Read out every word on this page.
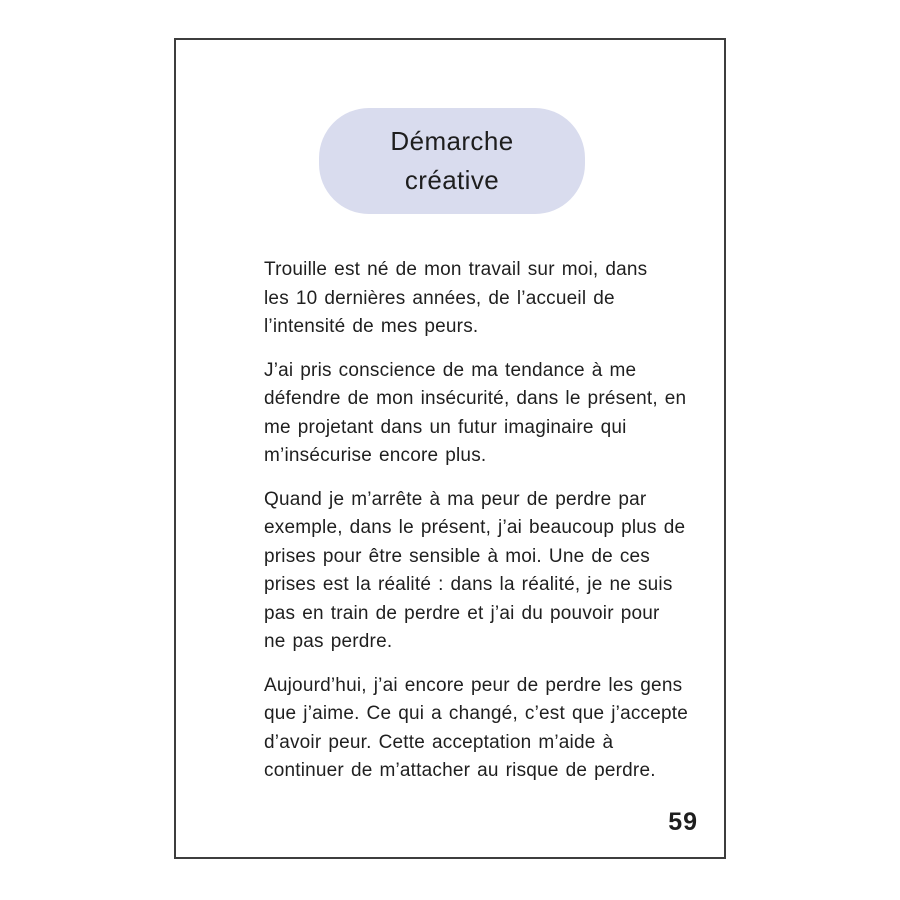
Démarche
créative
Trouille est né de mon travail sur moi, dans
les 10 dernières années, de l’accueil de
l’intensité de mes peurs.
J’ai pris conscience de ma tendance à me
défendre de mon insécurité, dans le présent, en
me projetant dans un futur imaginaire qui
m’insécurise encore plus.
Quand je m’arrête à ma peur de perdre par
exemple, dans le présent, j’ai beaucoup plus de
prises pour être sensible à moi. Une de ces
prises est la réalité : dans la réalité, je ne suis
pas en train de perdre et j’ai du pouvoir pour
ne pas perdre.
Aujourd’hui, j’ai encore peur de perdre les gens
que j’aime. Ce qui a changé, c’est que j’accepte
d’avoir peur. Cette acceptation m’aide à
continuer de m’attacher au risque de perdre.
59
